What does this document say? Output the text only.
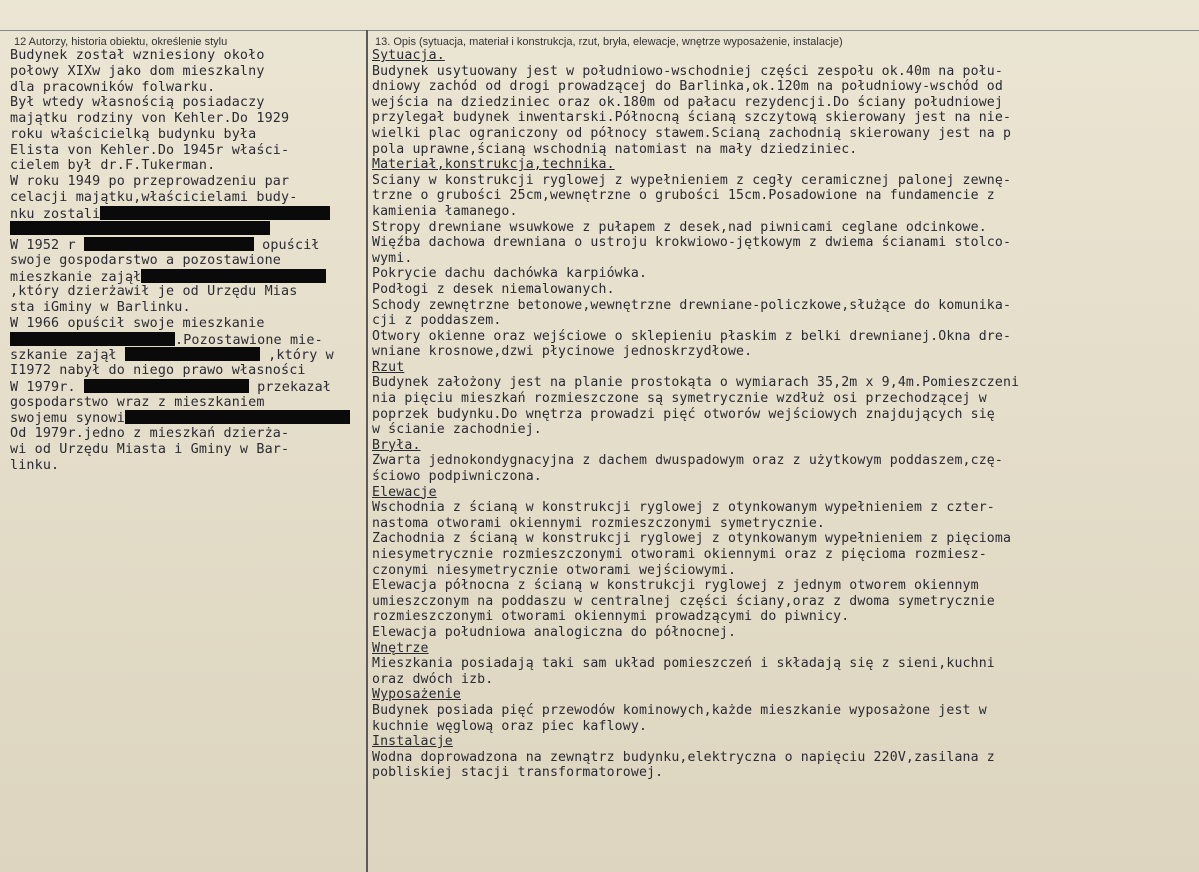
12 Autorzy, historia obiektu, określenie stylu	13. Opis (sytuacja, materiał i konstrukcja, rzut, bryła, elewacje, wnętrze wyposażenie, instalacje)
Budynek został wzniesiony około
połowy XIXw jako dom mieszkalny
dla pracowników folwarku.
Był wtedy własnością posiadaczy
majątku rodziny von Kehler.Do 1929
roku właścicielką budynku była
Elista von Kehler.Do 1945r właści-
cielem był dr.F.Tukerman.
W roku 1949 po przeprowadzeniu par
celacji majątku,właścicielami budy-
nku zostali
W 1952 r	opuścił
swoje gospodarstwo a pozostawione
mieszkanie zajął
,który dzierżawił je od Urzędu Mias
sta iGminy w Barlinku.
W 1966 opuścił swoje mieszkanie
.Pozostawione mie-
szkanie zajął	,który w
I1972 nabył do niego prawo własności
W 1979r.	przekazał
gospodarstwo wraz z mieszkaniem
swojemu synowi
Od 1979r.jedno z mieszkań dzierża-
wi od Urzędu Miasta i Gminy w Bar-
linku.
Sytuacja.
Budynek usytuowany jest w południowo-wschodniej części zespołu ok.40m na połu-
dniowy zachód od drogi prowadzącej do Barlinka,ok.120m na południowy-wschód od
wejścia na dziedziniec oraz ok.180m od pałacu rezydencji.Do ściany południowej
przylegał budynek inwentarski.Północną ścianą szczytową skierowany jest na nie-
wielki plac ograniczony od północy stawem.Ścianą zachodnią skierowany jest na p
pola uprawne,ścianą wschodnią natomiast na mały dziedziniec.
Materiał,konstrukcja,technika.
Ściany w konstrukcji ryglowej z wypełnieniem z cegły ceramicznej palonej zewnę-
trzne o grubości 25cm,wewnętrzne o grubości 15cm.Posadowione na fundamencie z
kamienia łamanego.
Stropy drewniane wsuwkowe z pułapem z desek,nad piwnicami ceglane odcinkowe.
Więźba dachowa drewniana o ustroju krokwiowo-jętkowym z dwiema ścianami stolco-
wymi.
Pokrycie dachu dachówka karpiówka.
Podłogi z desek niemalowanych.
Schody zewnętrzne betonowe,wewnętrzne drewniane-policzkowe,służące do komunika-
cji z poddaszem.
Otwory okienne oraz wejściowe o sklepieniu płaskim z belki drewnianej.Okna dre-
wniane krosnowe,dzwi płycinowe jednoskrzydłowe.
Rzut
Budynek założony jest na planie prostokąta o wymiarach 35,2m x 9,4m.Pomieszczeni
nia pięciu mieszkań rozmieszczone są symetrycznie wzdłuż osi przechodzącej w
poprzek budynku.Do wnętrza prowadzi pięć otworów wejściowych znajdujących się
w ścianie zachodniej.
Bryła.
Zwarta jednokondygnacyjna z dachem dwuspadowym oraz z użytkowym poddaszem,czę-
ściowo podpiwniczona.
Elewacje
Wschodnia z ścianą w konstrukcji ryglowej z otynkowanym wypełnieniem z czter-
nastoma otworami okiennymi rozmieszczonymi symetrycznie.
Zachodnia z ścianą w konstrukcji ryglowej z otynkowanym wypełnieniem z pięcioma
niesymetrycznie rozmieszczonymi otworami okiennymi oraz z pięcioma rozmiesz-
czonymi niesymetrycznie otworami wejściowymi.
Elewacja północna z ścianą w konstrukcji ryglowej z jednym otworem okiennym
umieszczonym na poddaszu w centralnej części ściany,oraz z dwoma symetrycznie
rozmieszczonymi otworami okiennymi prowadzącymi do piwnicy.
Elewacja południowa analogiczna do północnej.
Wnętrze
Mieszkania posiadają taki sam układ pomieszczeń i składają się z sieni,kuchni
oraz dwóch izb.
Wyposażenie
Budynek posiada pięć przewodów kominowych,każde mieszkanie wyposażone jest w
kuchnie węglową oraz piec kaflowy.
Instalacje
Wodna doprowadzona na zewnątrz budynku,elektryczna o napięciu 220V,zasilana z
pobliskiej stacji transformatorowej.
